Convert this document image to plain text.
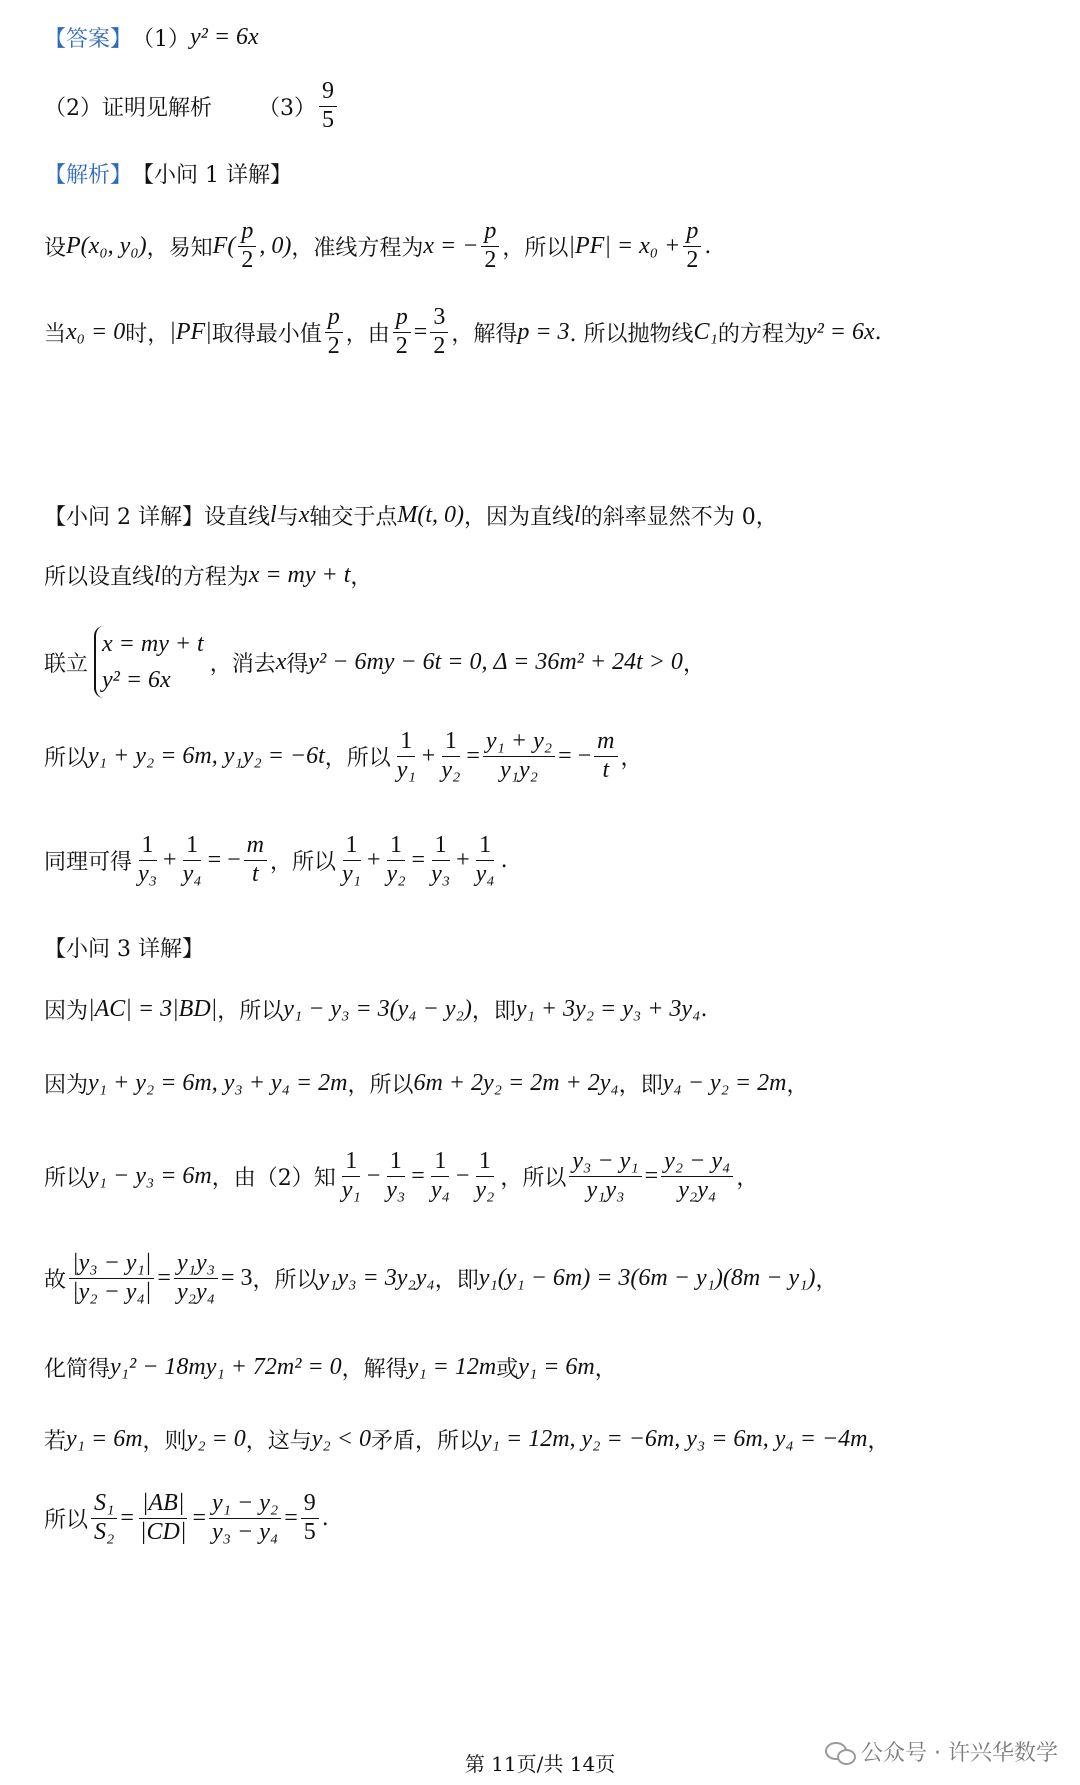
【答案】 （1） y² = 6x
（2）证明见解析 $(3) \frac{9}{5}$
【解析】 【小问 1 详解】
设 P(x₀, y₀) ，易知 $F( \frac{p}{2}$ , 0) ，准线方程为 x = − $\frac{p}{2}$ ，所以 $|PF| = x_0 + \frac{p}{2}$ .
当 x₀ = 0 时， |PF| 取得最小值 $\frac{p}{2}$ ，由 $\frac{p}{2} = \frac{3}{2}$ ，解得 p = 3 . 所以抛物线 C₁ 的方程为 y² = 6x .
【小问 2 详解】 设直线 l 与 x 轴交于点 M(t, 0) ，因为直线 l 的斜率显然不为 0，
所以设直线 l 的方程为 x = my + t ，
联立
x = my + t
y² = 6x
，消去 x 得 y² − 6my − 6t = 0, Δ = 36m² + 24t > 0 ，
所以 y₁ + y₂ = 6m, y₁y₂ = −6t ，所以 $\frac{1}{\text{y₁}} + \frac{1}{\text{y₂}} = \frac{\text{y₁ + y₂}}{\text{y₁y₂}}$ = − $\frac{m}{t}$ ，
同理可得 $\frac{1}{\text{y₃}} + \frac{1}{\text{y₄}}$ = − $\frac{m}{t}$ ，所以 $\frac{1}{\text{y₁}} + \frac{1}{\text{y₂}} = \frac{1}{\text{y₃}} + \frac{1}{\text{y₄}}$ .
【小问 3 详解】
因为 |AC| = 3|BD| ，所以 y₁ − y₃ = 3(y₄ − y₂) ，即 y₁ + 3y₂ = y₃ + 3y₄ .
因为 y₁ + y₂ = 6m, y₃ + y₄ = 2m ，所以 6m + 2y₂ = 2m + 2y₄ ，即 y₄ − y₂ = 2m ，
所以 y₁ − y₃ = 6m ，由（2）知 $\frac{1}{\text{y₁}} - \frac{1}{\text{y₃}} = \frac{1}{\text{y₄}} - \frac{1}{\text{y₂}}$ ，所以 $\frac{\text{y₃ − y₁}}{\text{y₁y₃}} = \frac{\text{y₂ − y₄}}{\text{y₂y₄}}$ ，
故 $\frac{\text{|y₃ − y₁|}}{\text{|y₂ − y₄|}} = \frac{\text{y₁y₃}}{\text{y₂y₄}} = 3$ ，所以 y₁y₃ = 3y₂y₄ ，即 y₁(y₁ − 6m) = 3(6m − y₁)(8m − y₁) ，
化简得 y₁² − 18my₁ + 72m² = 0 ，解得 y₁ = 12m 或 y₁ = 6m ，
若 y₁ = 6m ，则 y₂ = 0 ，这与 y₂ < 0 矛盾，所以 y₁ = 12m, y₂ = −6m, y₃ = 6m, y₄ = −4m ，
所以 $\frac{\text{S₁}}{\text{S₂}} = \frac{|AB|}{|CD|} = \frac{\text{y₁ − y₂}}{\text{y₃ − y₄}} = \frac{9}{5}$ .
第 11页/共 14页	公众号 · 许兴华数学
